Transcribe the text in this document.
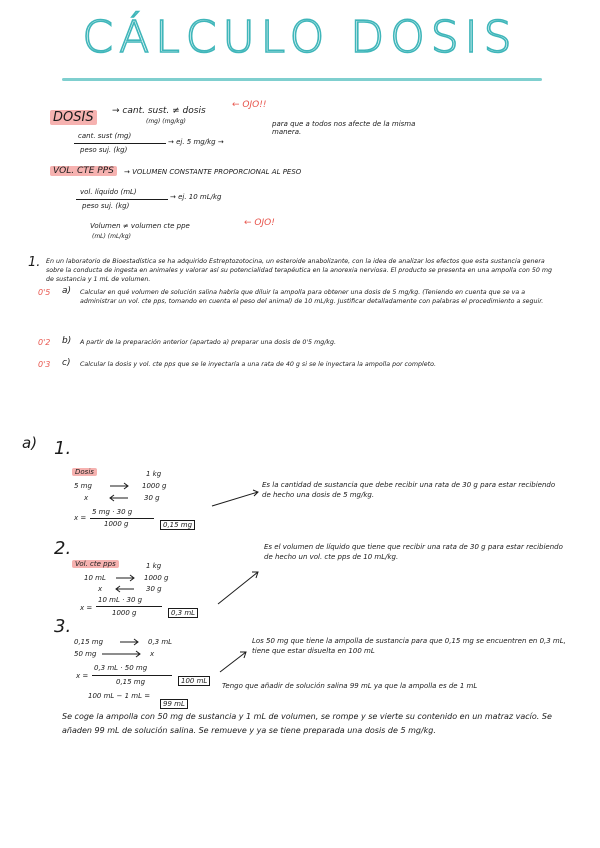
CÁLCULO DOSIS
DOSIS	→ cant. sust. ≠ dosis
(mg) (mg/kg)
← OJO!!
para que a todos nos afecte de la misma manera.
cant. sust (mg)
peso suj. (kg)
→ ej. 5 mg/kg →
VOL. CTE PPS	→ VOLUMEN CONSTANTE PROPORCIONAL AL PESO
vol. líquido (mL)
peso suj. (kg)
→ ej. 10 mL/kg
Volumen ≠ volumen cte ppe
(mL) (mL/kg)
← OJO!
1. En un laboratorio de Bioestadística se ha adquirido Estreptozotocina, un esteroide anabolizante, con la idea de analizar los efectos que esta sustancia genera sobre la conducta de ingesta en animales y valorar así su potencialidad terapéutica en la anorexia nerviosa. El producto se presenta en una ampolla con 50 mg de sustancia y 1 mL de volumen.
0'5 a) Calcular en qué volumen de solución salina habría que diluir la ampolla para obtener una dosis de 5 mg/kg. (Teniendo en cuenta que se va a administrar un vol. cte pps, tomando en cuenta el peso del animal) de 10 mL/kg. Justificar detalladamente con palabras el procedimiento a seguir.
0'2 b) A partir de la preparación anterior (apartado a) preparar una dosis de 0'5 mg/kg.
0'3 c) Calcular la dosis y vol. cte pps que se le inyectaría a una rata de 40 g si se le inyectara la ampolla por completo.
a) 1.
Dosis	1 kg
5 mg	1000 g
x	30 g
x =
5 mg · 30 g
1000 g	0,15 mg
Es la cantidad de sustancia que debe recibir una rata de 30 g para estar recibiendo de hecho una dosis de 5 mg/kg.
2.
Vol. cte pps	1 kg
10 mL	1000 g
x	30 g
x =
10 mL · 30 g
1000 g	0,3 mL
Es el volumen de líquido que tiene que recibir una rata de 30 g para estar recibiendo de hecho un vol. cte pps de 10 mL/kg.
3.
0,15 mg	0,3 mL
50 mg	x
x =
0,3 mL · 50 mg
0,15 mg	100 mL
Los 50 mg que tiene la ampolla de sustancia para que 0,15 mg se encuentren en 0,3 mL, tiene que estar disuelta en 100 mL
100 mL − 1 mL =
99 mL
Tengo que añadir de solución salina 99 mL ya que la ampolla es de 1 mL
Se coge la ampolla con 50 mg de sustancia y 1 mL de volumen, se rompe y se vierte su contenido en un matraz vacío. Se añaden 99 mL de solución salina. Se remueve y ya se tiene preparada una dosis de 5 mg/kg.
